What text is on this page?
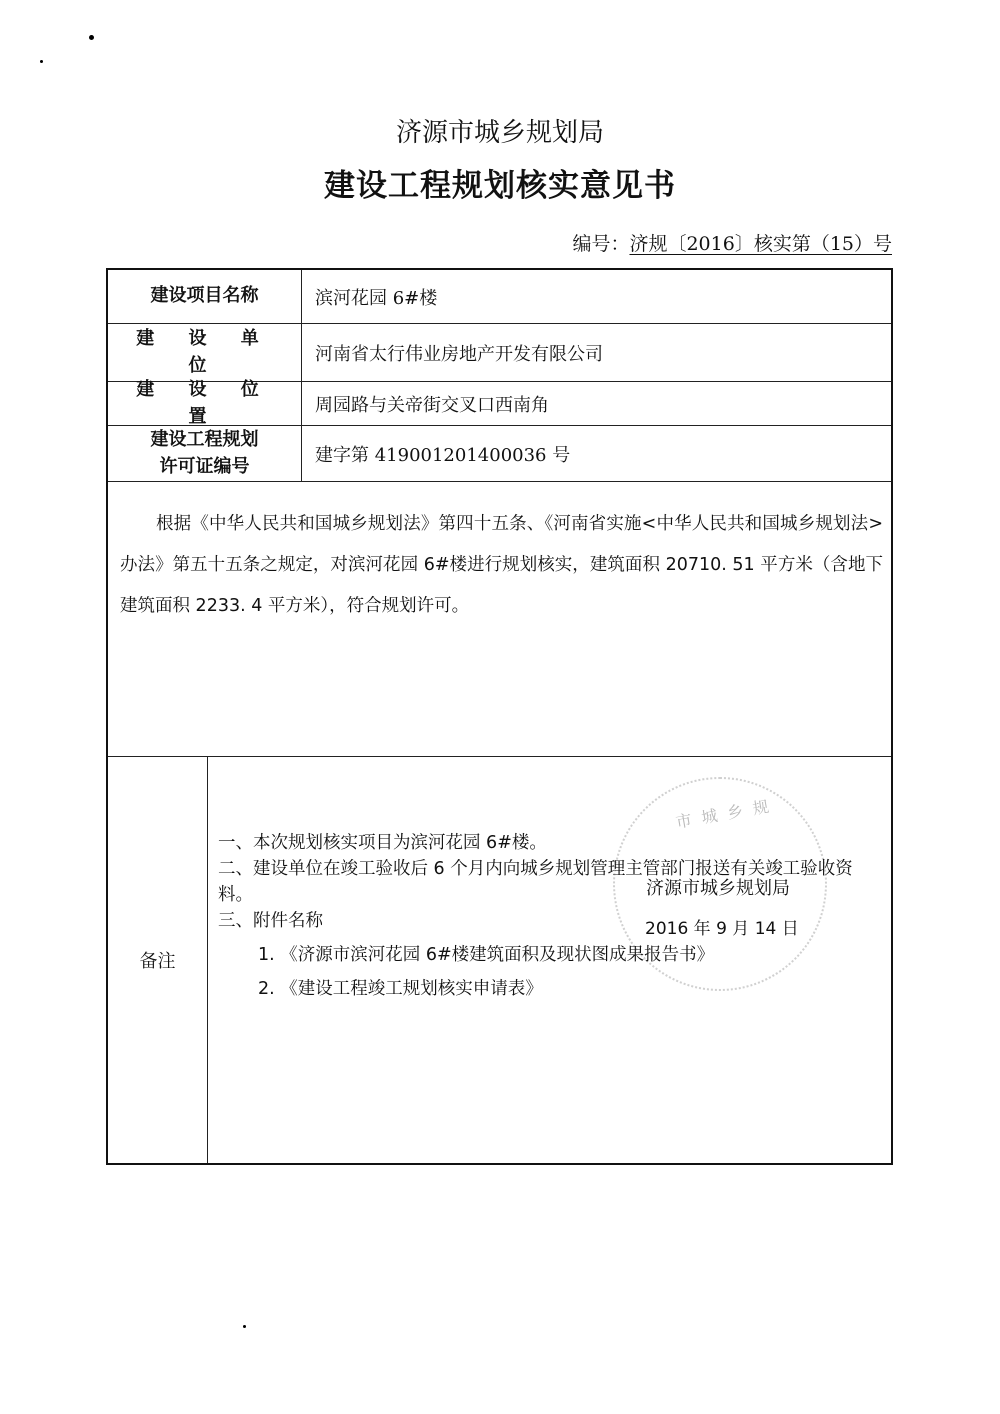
济源市城乡规划局
建设工程规划核实意见书
编号：济规〔2016〕核实第（15）号
建设项目名称	滨河花园 6#楼
建 设 单　位
河南省太行伟业房地产开发有限公司
建 设 位　置
周园路与关帝街交叉口西南角
建设工程规划
许可证编号
建字第 419001201400036 号
根据《中华人民共和国城乡规划法》第四十五条、《河南省实施<中华人民共和国城乡规划法>办法》第五十五条之规定，对滨河花园 6#楼进行规划核实，建筑面积 20710. 51 平方米（含地下建筑面积 2233. 4 平方米），符合规划许可。
市城乡规
济源市城乡规划局
2016 年 9 月 14 日
备注
一、本次规划核实项目为滨河花园 6#楼。
二、建设单位在竣工验收后 6 个月内向城乡规划管理主管部门报送有关竣工验收资料。
三、附件名称
1. 《济源市滨河花园 6#楼建筑面积及现状图成果报告书》
2. 《建设工程竣工规划核实申请表》
